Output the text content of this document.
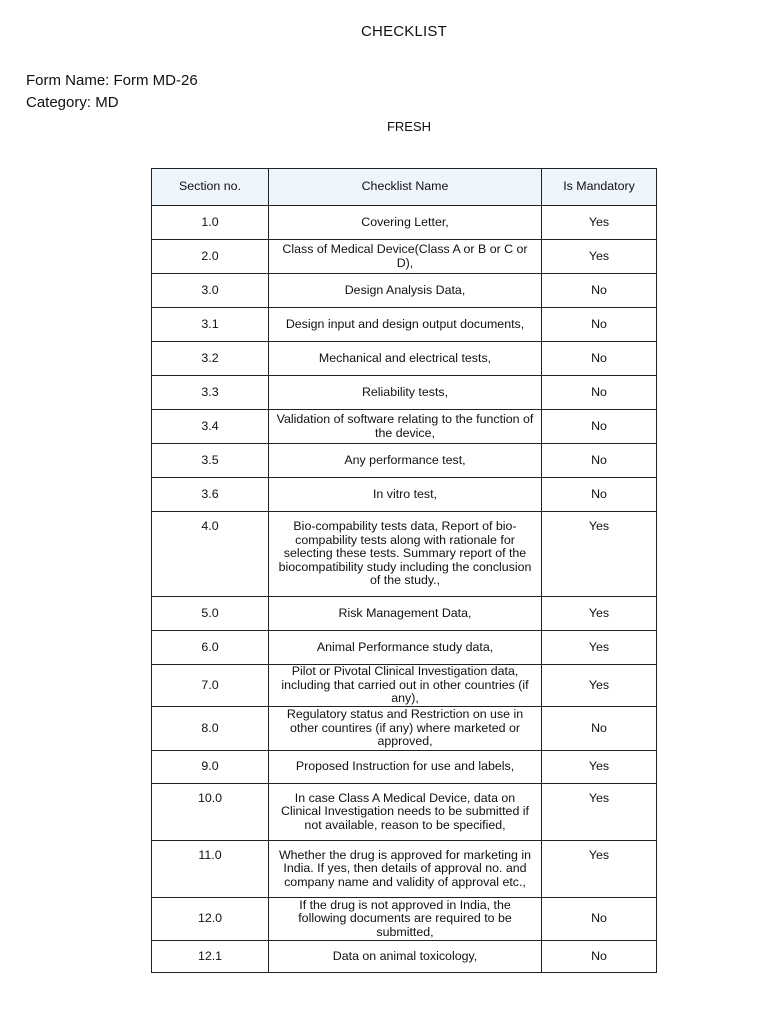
CHECKLIST
Form Name: Form MD-26
Category: MD
FRESH
Section no.	Checklist Name	Is Mandatory
1.0	Covering Letter,	Yes
2.0	Class of Medical Device(Class A or B or C or D),	Yes
3.0	Design Analysis Data,	No
3.1	Design input and design output documents,	No
3.2	Mechanical and electrical tests,	No
3.3	Reliability tests,	No
3.4	Validation of software relating to the function of the device,	No
3.5	Any performance test,	No
3.6	In vitro test,	No
4.0	Bio-compability tests data, Report of bio-compability tests along with rationale for selecting these tests. Summary report of the biocompatibility study including the conclusion of the study.,	Yes
5.0	Risk Management Data,	Yes
6.0	Animal Performance study data,	Yes
7.0	Pilot or Pivotal Clinical Investigation data, including that carried out in other countries (if any),	Yes
8.0	Regulatory status and Restriction on use in other countires (if any) where marketed or approved,	No
9.0	Proposed Instruction for use and labels,	Yes
10.0	In case Class A Medical Device, data on Clinical Investigation needs to be submitted if not available, reason to be specified,	Yes
11.0	Whether the drug is approved for marketing in India. If yes, then details of approval no. and company name and validity of approval etc.,	Yes
12.0	If the drug is not approved in India, the following documents are required to be submitted,	No
12.1	Data on animal toxicology,	No
